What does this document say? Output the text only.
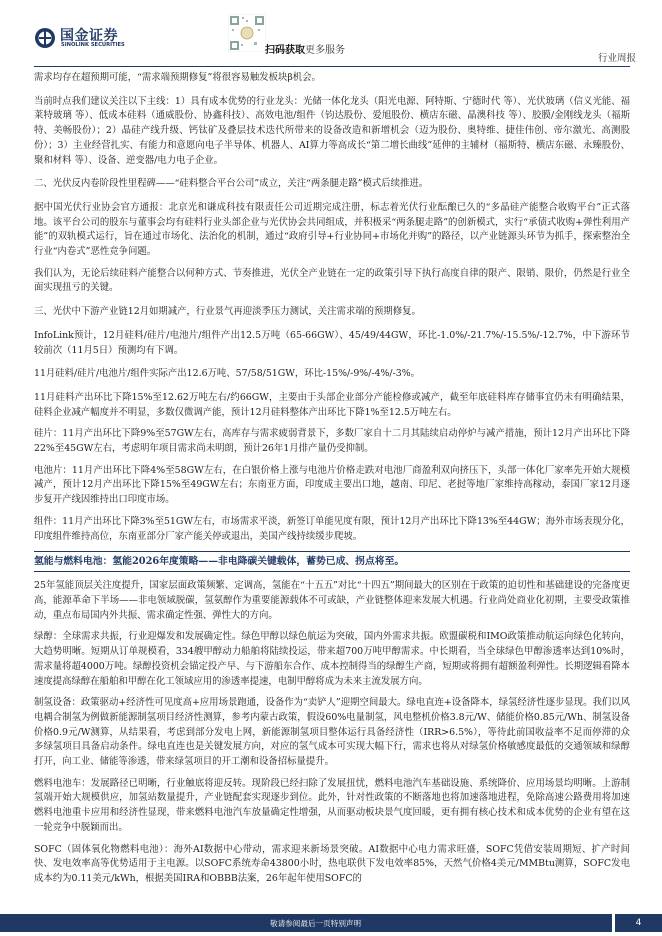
国金证券
SINOLINK SECURITIES	扫码获取更多服务
行业周报

需求均存在超预期可能，“需求端预期修复”将很容易触发板块β机会。

当前时点我们建议关注以下主线：1）具有成本优势的行业龙头：光储一体化龙头（阳光电源、阿特斯、宁德时代 等）、光伏玻璃（信义光能、福莱特玻璃 等）、低成本硅料（通威股份、协鑫科技）、高效电池/组件（钧达股份、爱旭股份、横店东磁、晶澳科技 等）、胶膜/金刚线龙头（福斯特、美畅股份）；2）晶硅产线升级、钙钛矿及叠层技术迭代所带来的设备改造和新增机会（迈为股份、奥特维、捷佳伟创、帝尔激光、高测股份）；3）主业经营扎实、有能力和意愿向电子半导体、机器人、AI算力等高成长“第二增长曲线”延伸的主辅材（福斯特、横店东磁、永臻股份、聚和材料 等）、设备、逆变器/电力电子企业。

二、光伏反内卷阶段性里程碑——“硅料整合平台公司”成立，关注“两条腿走路”模式后续推进。

据中国光伏行业协会官方通报：北京光和谦成科技有限责任公司近期完成注册，标志着光伏行业酝酿已久的“多晶硅产能整合收购平台”正式落地。该平台公司的股东与董事会均有硅料行业头部企业与光伏协会共同组成，并积极采“两条腿走路”的创新模式，实行“承债式收购+弹性利用产能”的双轨模式运行，旨在通过市场化、法治化的机制，通过“政府引导+行业协同+市场化并购”的路径，以产业链源头环节为抓手，探索整治全行业“内卷式”恶性竞争问题。

我们认为，无论后续硅料产能整合以何种方式、节奏推进，光伏全产业链在一定的政策引导下执行高度自律的限产、限销、限价，仍然是行业全面实现扭亏的关键。

三、光伏中下游产业链12月如期减产，行业景气再迎淡季压力测试，关注需求端的预期修复。

InfoLink预计，12月硅料/硅片/电池片/组件产出12.5万吨（65-66GW）、45/49/44GW，环比-1.0%/-21.7%/-15.5%/-12.7%，中下游环节较前次（11月5日）预测均有下调。

11月硅料/硅片/电池片/组件实际产出12.6万吨、57/58/51GW，环比-15%/-9%/-4%/-3%。

11月硅料产出环比下降15%至12.62万吨左右/约66GW，主要由于头部企业部分产能检修或减产，截至年底硅料库存储事宜仍未有明确结果，硅料企业减产幅度并不明显，多数仅微调产能，预计12月硅料整体产出环比下降1%至12.5万吨左右。

硅片：11月产出环比下降9%至57GW左右，高库存与需求疲弱背景下，多数厂家自十二月其陆续启动停炉与减产措施，预计12月产出环比下降22%至45GW左右，考虑明年项目需求尚未明朗，预计26年1月排产量仍受抑制。

电池片：11月产出环比下降4%至58GW左右，在白银价格上涨与电池片价格走跌对电池厂商盈利双向挤压下，头部一体化厂家率先开始大规模减产，预计12月产出环比下降15%至49GW左右；东南亚方面，印度成主要出口地，越南、印尼、老挝等地厂家维持高稼动，泰国厂家12月逐步复开产线因维持出口印度市场。

组件：11月产出环比下降3%至51GW左右，市场需求平淡，新签订单能见度有限，预计12月产出环比下降13%至44GW；海外市场表现分化，印度组件维持高位，东南亚部分厂家产能关停或退出，美国产线持续缓步爬坡。

氢能与燃料电池：氢能2026年度策略——非电降碳关键载体，蓄势已成、拐点将至。

25年氢能顶层关注度提升，国家层面政策频繁、定调高，氢能在“十五五”对比“十四五”期间最大的区别在于政策的迫切性和基础建设的完备度更高，能源革命下半场——非电领域脱碳，氢氨醇作为重要能源载体不可或缺，产业链整体迎来发展大机遇。行业尚处商业化初期，主要受政策推动，重点布局国内外共振、需求确定性强、弹性大的方向。

绿醇：全球需求共振，行业迎爆发和发展确定性。绿色甲醇以绿色航运为突破，国内外需求共振。欧盟碳税和IMO政策推动航运向绿色化转向，大趋势明晰。短期从订单规模看，334艘甲醇动力船舶将陆续投运，带来超700万吨甲醇需求。中长期看，当全球绿色甲醇渗透率达到10%时，需求量将超4000万吨。绿醇投资机会锚定投产早、与下游船东合作、成本控制得当的绿醇生产商，短期或将拥有超额盈利弹性。长期逻辑看降本速度提高绿醇在船舶和甲醇在化工领域应用的渗透率提速，电制甲醇将成为未来主流发展方向。

制氢设备：政策驱动+经济性可见度高+应用场景跑通，设备作为“卖铲人”迎期空间最大。绿电直连+设备降本，绿氢经济性逐步显现。我们以风电耦合制氢为例做新能源制氢项目经济性测算，参考内蒙古政策，假设60%电量制氢，风电整机价格3.8元/W、储能价格0.85元/Wh、制氢设备价格0.9元/W测算，从结果看，考虑到部分发电上网，新能源制氢项目整体运行具备经济性（IRR>6.5%），等待此前国收益率不足而停滞的众多绿氢项目具备启动条件。绿电直连也是关键发展方向，对应的氢气成本可实现大幅下行，需求也将从对绿氢价格敏感度最低的交通领域和绿醇打开，向工业、储能等渗透，带来绿氢项目的开工潮和设备招标量提升。

燃料电池车：发展路径已明晰，行业触底将迎反转。现阶段已经扫除了发展扭忧，燃料电池汽车基础设施、系统降价、应用场景均明晰。上游制氢端开始大规模供应，加氢站数量提升，产业链配套实现逐步到位。此外，针对性政策的不断落地也将加速落地进程，免除高速公路费用将加速燃料电池重卡应用和经济性显现，带来燃料电池汽车放量确定性增强，从而驱动板块景气度回暖，更有拥有核心技术和成本优势的企业有望在这一轮竞争中脱颖而出。

SOFC（固体氧化物燃料电池）：海外AI数据中心带动，需求迎来新场景突破。AI数据中心电力需求旺盛，SOFC凭借安装周期短、扩产时间快、发电效率高等优势适用于主电源。以SOFC系统寿命43800小时，热电联供下发电效率85%，天然气价格4美元/MMBtu测算，SOFC发电成本约为0.11美元/kWh，根据美国IRA和OBBB法案，26年起年使用SOFC的

敬请参阅最后一页特别声明	4
